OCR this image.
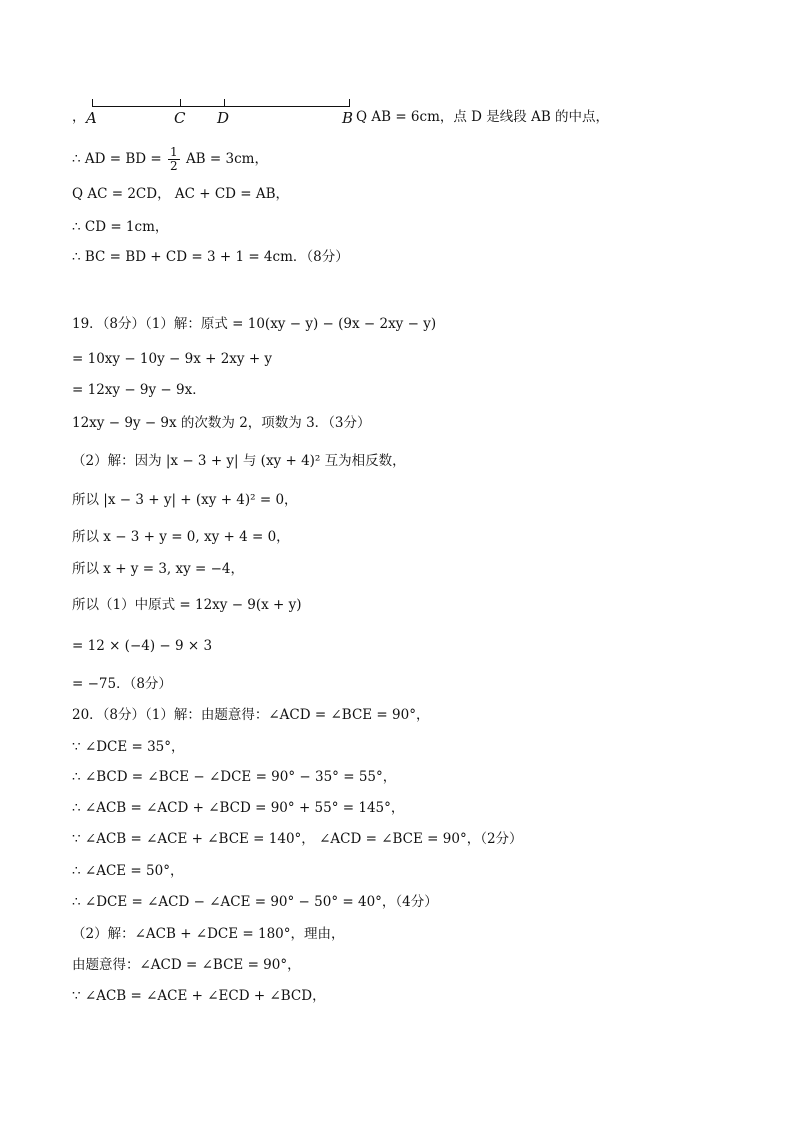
， A	C D	B Q AB = 6cm，点 D 是线段 AB 的中点，
∴ AD = BD = $\frac{1}{2}$ AB = 3cm，
Q AC = 2CD， AC + CD = AB，
∴ CD = 1cm，
∴ BC = BD + CD = 3 + 1 = 4cm．（8分）
19．（8分）（1）解：原式 = 10(xy − y) − (9x − 2xy − y)
= 10xy − 10y − 9x + 2xy + y
= 12xy − 9y − 9x．
12xy − 9y − 9x 的次数为 2，项数为 3．（3分）
（2）解：因为 |x − 3 + y| 与 (xy + 4)² 互为相反数，
所以 |x − 3 + y| + (xy + 4)² = 0，
所以 x − 3 + y = 0, xy + 4 = 0，
所以 x + y = 3, xy = −4，
所以（1）中原式 = 12xy − 9(x + y)
= 12 × (−4) − 9 × 3
= −75．（8分）
20．（8分）（1）解：由题意得：∠ACD = ∠BCE = 90°，
∵ ∠DCE = 35°，
∴ ∠BCD = ∠BCE − ∠DCE = 90° − 35° = 55°，
∴ ∠ACB = ∠ACD + ∠BCD = 90° + 55° = 145°，
∵ ∠ACB = ∠ACE + ∠BCE = 140°， ∠ACD = ∠BCE = 90°，（2分）
∴ ∠ACE = 50°，
∴ ∠DCE = ∠ACD − ∠ACE = 90° − 50° = 40°，（4分）
（2）解：∠ACB + ∠DCE = 180°，理由，
由题意得：∠ACD = ∠BCE = 90°，
∵ ∠ACB = ∠ACE + ∠ECD + ∠BCD，
